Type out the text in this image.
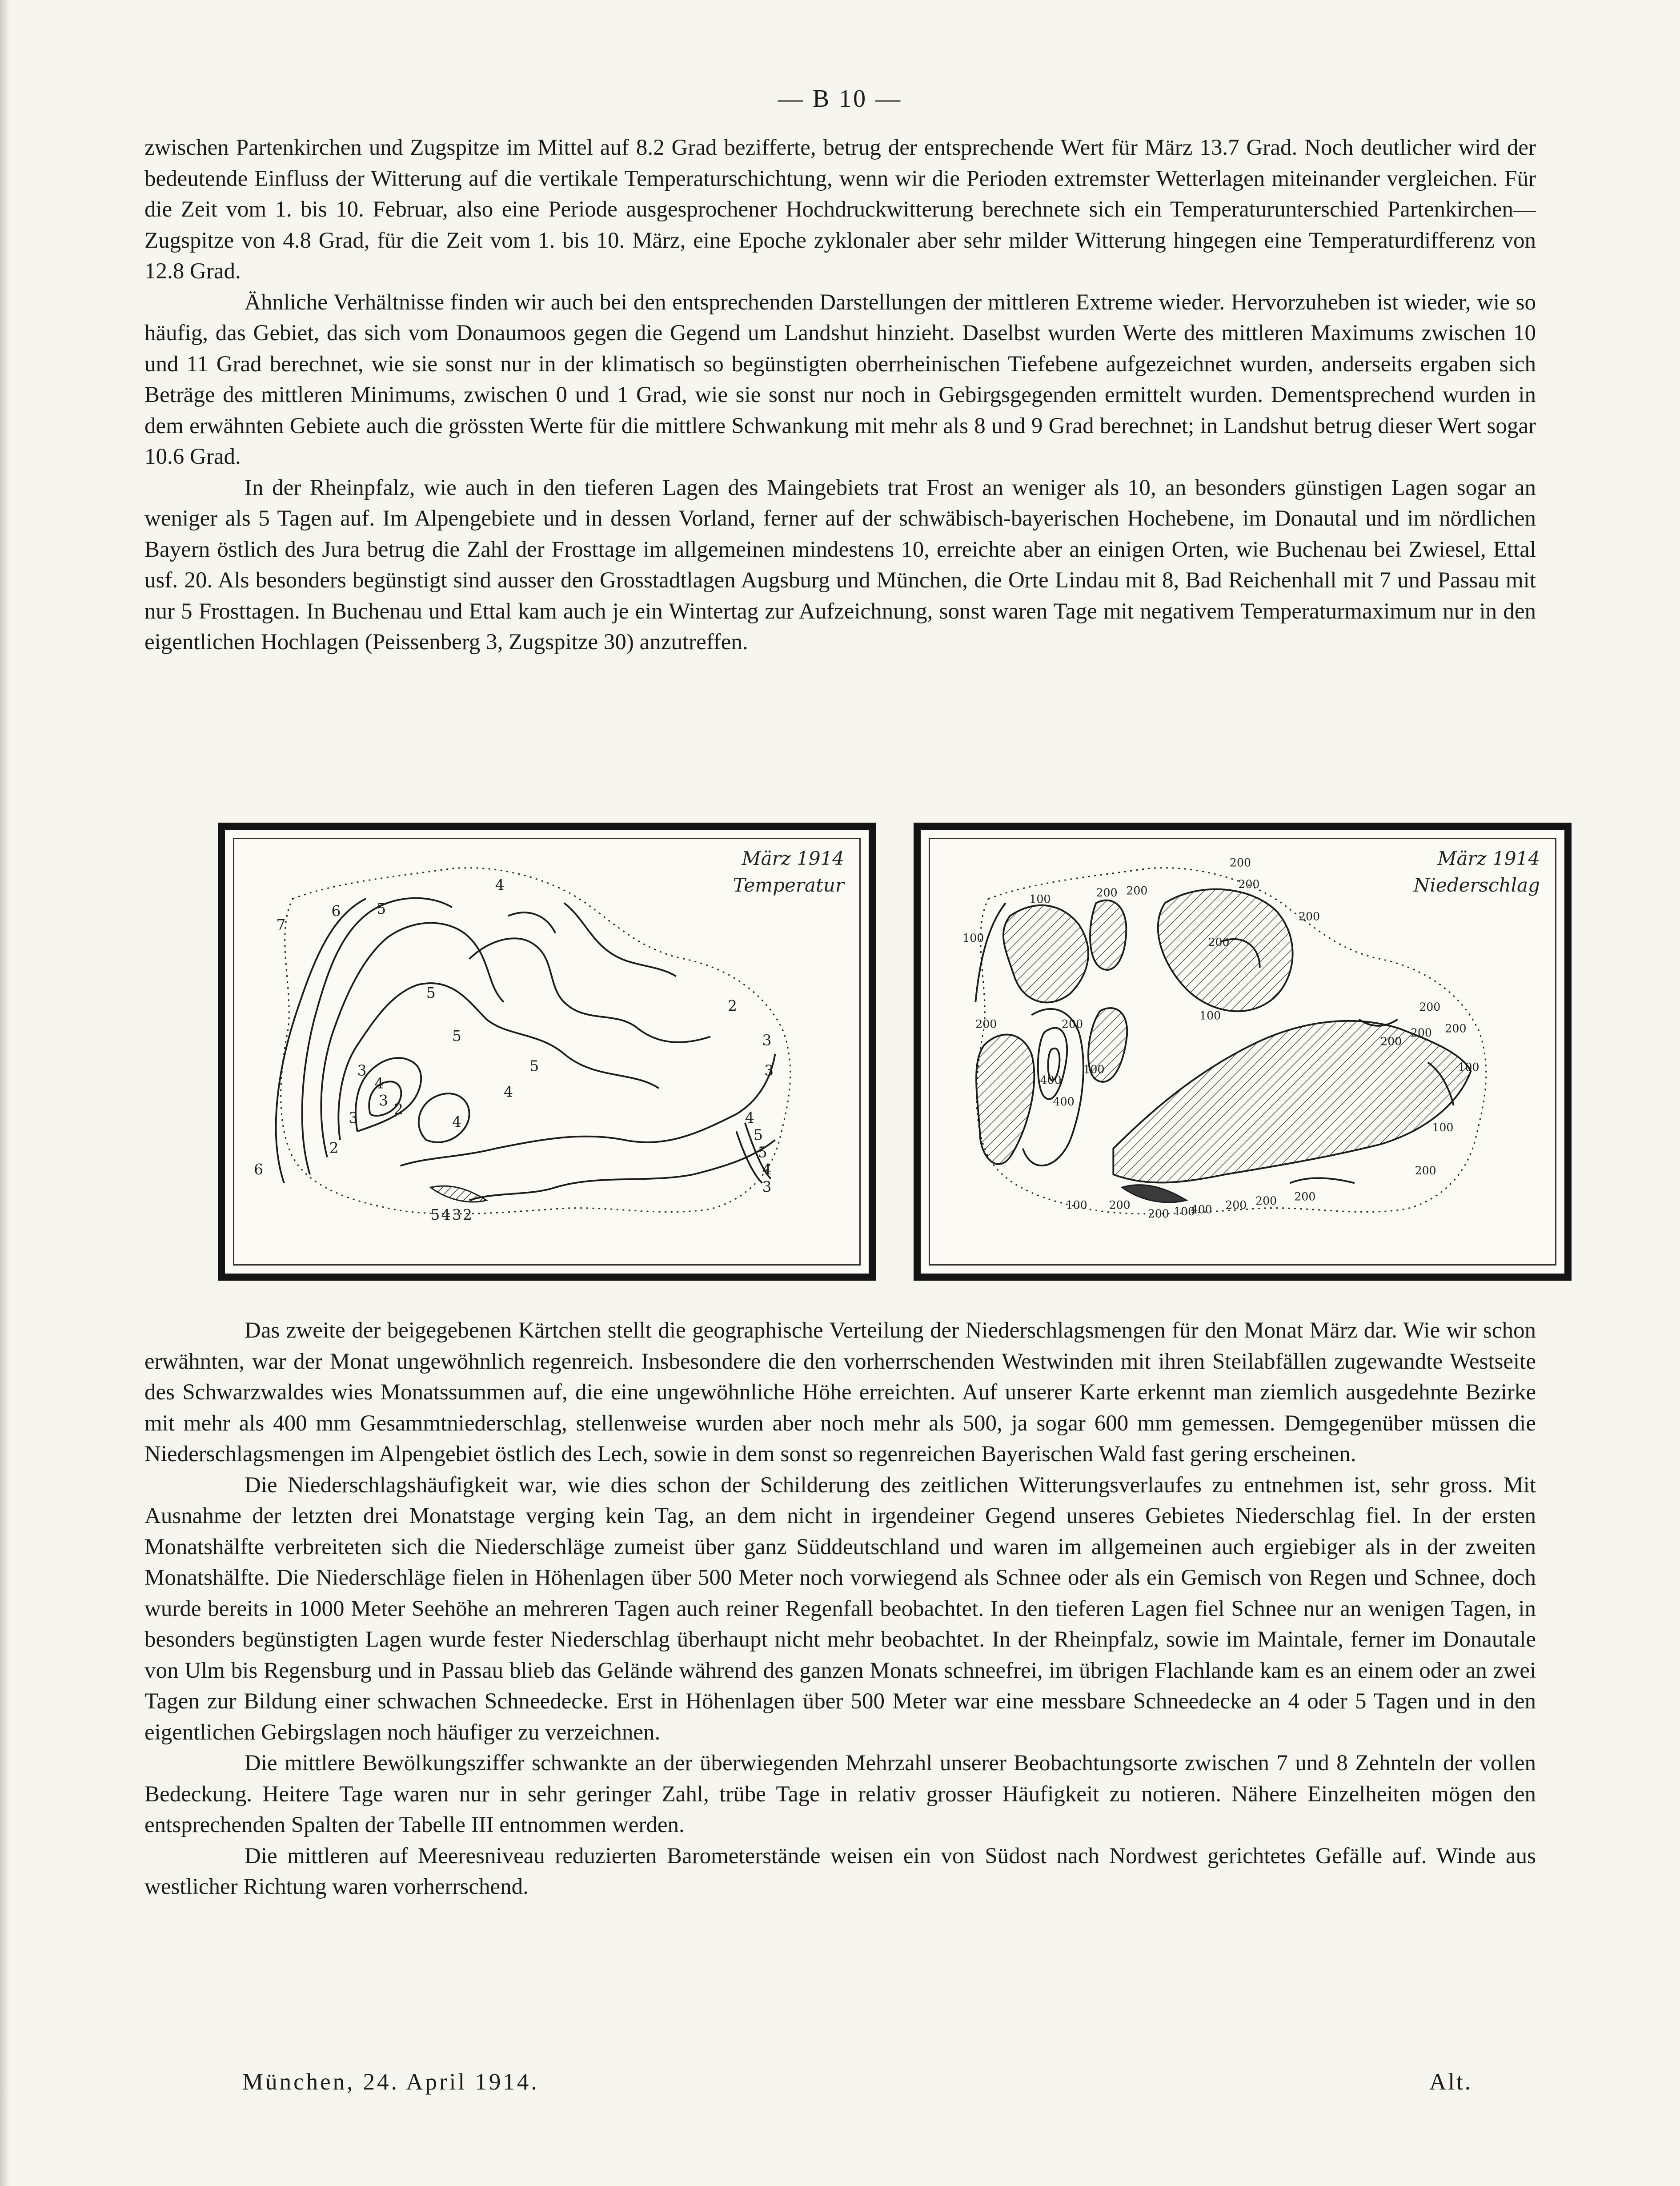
— B 10 —

zwischen Partenkirchen und Zugspitze im Mittel auf 8.2 Grad bezifferte, betrug der entsprechende Wert für März 13.7 Grad. Noch deutlicher wird der bedeutende Einfluss der Witterung auf die vertikale Temperaturschichtung, wenn wir die Perioden extremster Wetterlagen miteinander vergleichen. Für die Zeit vom 1. bis 10. Februar, also eine Periode ausgesprochener Hochdruckwitterung berechnete sich ein Temperaturunterschied Partenkirchen—Zugspitze von 4.8 Grad, für die Zeit vom 1. bis 10. März, eine Epoche zyklonaler aber sehr milder Witterung hingegen eine Temperaturdifferenz von 12.8 Grad.

Ähnliche Verhältnisse finden wir auch bei den entsprechenden Darstellungen der mittleren Extreme wieder. Hervorzuheben ist wieder, wie so häufig, das Gebiet, das sich vom Donaumoos gegen die Gegend um Landshut hinzieht. Daselbst wurden Werte des mittleren Maximums zwischen 10 und 11 Grad berechnet, wie sie sonst nur in der klimatisch so begünstigten oberrheinischen Tiefebene aufgezeichnet wurden, anderseits ergaben sich Beträge des mittleren Minimums, zwischen 0 und 1 Grad, wie sie sonst nur noch in Gebirgsgegenden ermittelt wurden. Dementsprechend wurden in dem erwähnten Gebiete auch die grössten Werte für die mittlere Schwankung mit mehr als 8 und 9 Grad berechnet; in Landshut betrug dieser Wert sogar 10.6 Grad.

In der Rheinpfalz, wie auch in den tieferen Lagen des Maingebiets trat Frost an weniger als 10, an besonders günstigen Lagen sogar an weniger als 5 Tagen auf. Im Alpengebiete und in dessen Vorland, ferner auf der schwäbisch-bayerischen Hochebene, im Donautal und im nördlichen Bayern östlich des Jura betrug die Zahl der Frosttage im allgemeinen mindestens 10, erreichte aber an einigen Orten, wie Buchenau bei Zwiesel, Ettal usf. 20. Als besonders begünstigt sind ausser den Grosstadtlagen Augsburg und München, die Orte Lindau mit 8, Bad Reichenhall mit 7 und Passau mit nur 5 Frosttagen. In Buchenau und Ettal kam auch je ein Wintertag zur Aufzeichnung, sonst waren Tage mit negativem Temperaturmaximum nur in den eigentlichen Hochlagen (Peissenberg 3, Zugspitze 30) anzutreffen.

7
6 5
4
5
5
4
2
3
4
5
2
3
3
4
5
5
4
3
6
5 4 3 2
2
3
4
3
März 1914
Temperatur
200
100
200 200
200
100
200
200
100
200
200
200
200
100
200
400
200
400
100
100 200
200 100
400 200 200 200
100
200
März 1914
Niederschlag

Das zweite der beigegebenen Kärtchen stellt die geographische Verteilung der Niederschlagsmengen für den Monat März dar. Wie wir schon erwähnten, war der Monat ungewöhnlich regenreich. Insbesondere die den vorherrschenden Westwinden mit ihren Steilabfällen zugewandte Westseite des Schwarzwaldes wies Monatssummen auf, die eine ungewöhnliche Höhe erreichten. Auf unserer Karte erkennt man ziemlich ausgedehnte Bezirke mit mehr als 400 mm Gesammtniederschlag, stellenweise wurden aber noch mehr als 500, ja sogar 600 mm gemessen. Demgegenüber müssen die Niederschlagsmengen im Alpengebiet östlich des Lech, sowie in dem sonst so regenreichen Bayerischen Wald fast gering erscheinen.

Die Niederschlagshäufigkeit war, wie dies schon der Schilderung des zeitlichen Witterungsverlaufes zu entnehmen ist, sehr gross. Mit Ausnahme der letzten drei Monatstage verging kein Tag, an dem nicht in irgendeiner Gegend unseres Gebietes Niederschlag fiel. In der ersten Monatshälfte verbreiteten sich die Niederschläge zumeist über ganz Süddeutschland und waren im allgemeinen auch ergiebiger als in der zweiten Monatshälfte. Die Niederschläge fielen in Höhenlagen über 500 Meter noch vorwiegend als Schnee oder als ein Gemisch von Regen und Schnee, doch wurde bereits in 1000 Meter Seehöhe an mehreren Tagen auch reiner Regenfall beobachtet. In den tieferen Lagen fiel Schnee nur an wenigen Tagen, in besonders begünstigten Lagen wurde fester Niederschlag überhaupt nicht mehr beobachtet. In der Rheinpfalz, sowie im Maintale, ferner im Donautale von Ulm bis Regensburg und in Passau blieb das Gelände während des ganzen Monats schneefrei, im übrigen Flachlande kam es an einem oder an zwei Tagen zur Bildung einer schwachen Schneedecke. Erst in Höhenlagen über 500 Meter war eine messbare Schneedecke an 4 oder 5 Tagen und in den eigentlichen Gebirgslagen noch häufiger zu verzeichnen.

Die mittlere Bewölkungsziffer schwankte an der überwiegenden Mehrzahl unserer Beobachtungsorte zwischen 7 und 8 Zehnteln der vollen Bedeckung. Heitere Tage waren nur in sehr geringer Zahl, trübe Tage in relativ grosser Häufigkeit zu notieren. Nähere Einzelheiten mögen den entsprechenden Spalten der Tabelle III entnommen werden.

Die mittleren auf Meeresniveau reduzierten Barometerstände weisen ein von Südost nach Nordwest gerichtetes Gefälle auf. Winde aus westlicher Richtung waren vorherrschend.

München, 24. April 1914.	Alt.
